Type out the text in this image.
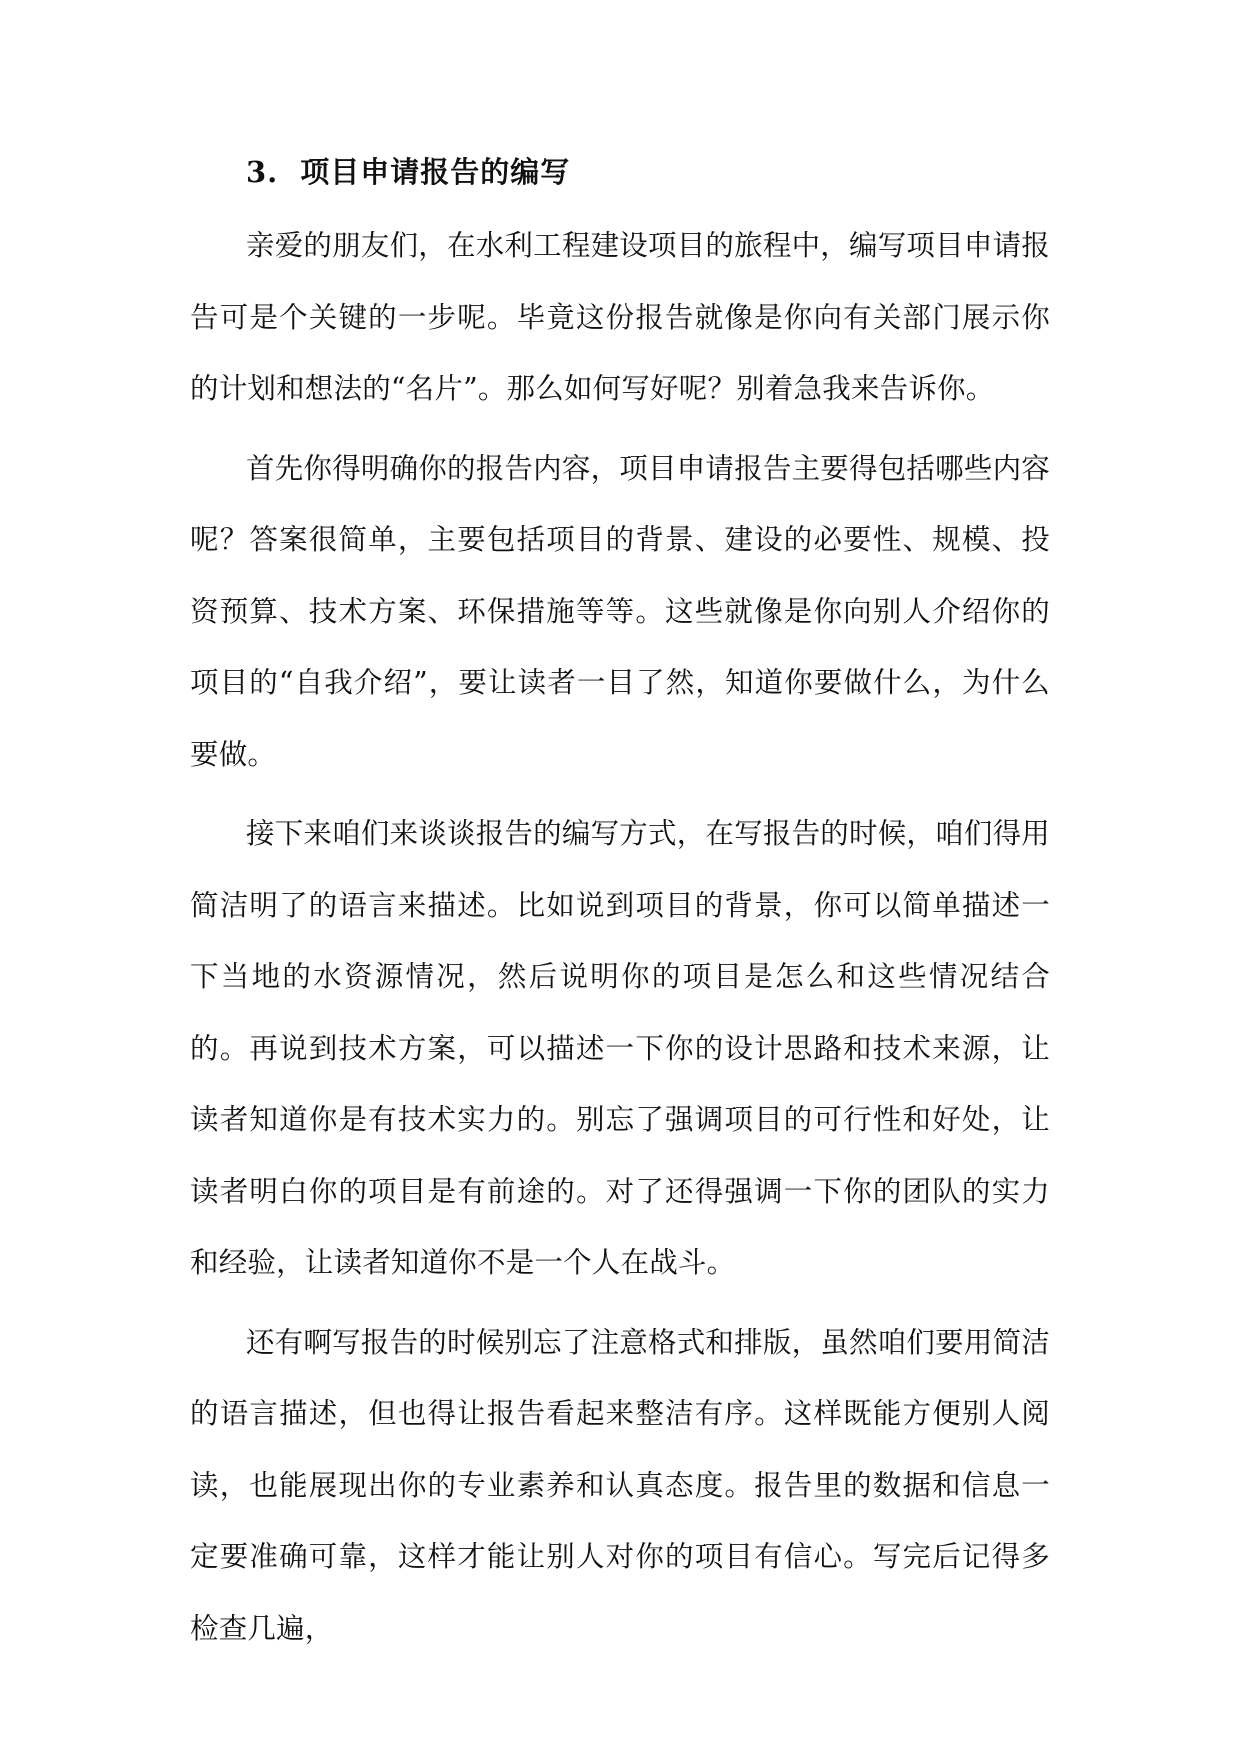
3. 项目申请报告的编写

亲爱的朋友们，在水利工程建设项目的旅程中，编写项目申请报告可是个关键的一步呢。毕竟这份报告就像是你向有关部门展示你的计划和想法的“名片”。那么如何写好呢？别着急我来告诉你。

首先你得明确你的报告内容，项目申请报告主要得包括哪些内容呢？答案很简单，主要包括项目的背景、建设的必要性、规模、投资预算、技术方案、环保措施等等。这些就像是你向别人介绍你的项目的“自我介绍”，要让读者一目了然，知道你要做什么，为什么要做。

接下来咱们来谈谈报告的编写方式，在写报告的时候，咱们得用简洁明了的语言来描述。比如说到项目的背景，你可以简单描述一下当地的水资源情况，然后说明你的项目是怎么和这些情况结合的。再说到技术方案，可以描述一下你的设计思路和技术来源，让读者知道你是有技术实力的。别忘了强调项目的可行性和好处，让读者明白你的项目是有前途的。对了还得强调一下你的团队的实力和经验，让读者知道你不是一个人在战斗。

还有啊写报告的时候别忘了注意格式和排版，虽然咱们要用简洁的语言描述，但也得让报告看起来整洁有序。这样既能方便别人阅读，也能展现出你的专业素养和认真态度。报告里的数据和信息一定要准确可靠，这样才能让别人对你的项目有信心。写完后记得多检查几遍，
